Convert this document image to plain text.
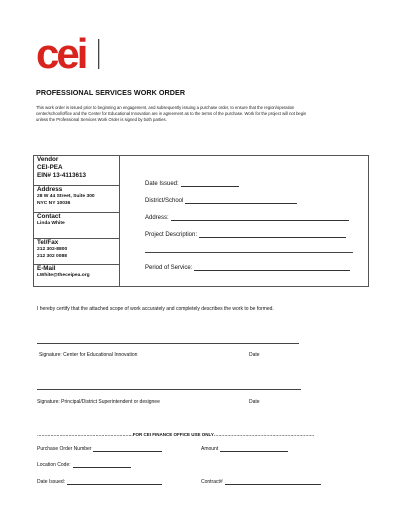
cei
PROFESSIONAL SERVICES WORK ORDER
This work order is issued prior to beginning an engagement, and subsequently issuing a purchase order, to ensure that the region/operation
center/school/office and the Center for Educational Innovation are in agreement as to the terms of the purchase. Work for the project will not begin
unless the Professional Services Work Order is signed by both parties.
Vendor
CEI-PEA
EIN# 13-4113613
Address
28 W 44 Street, Suite 300
NYC NY 10036
Contact
Linda White
Tel/Fax
212 302-8800
212 302 0088
E-Mail
LWhite@theceipea.org
Date Issued:
District/School
Address:
Project Description:
Period of Service:
I hereby certify that the attached scope of work accurately and completely describes the work to be formed.
Signature: Center for Educational Innovation	Date
Signature: Principal/District Superintendent or designee	Date
……………………………………………………….FOR CEI FINANCE OFFICE USE ONLY………………………………………………………….
Purchase Order Number	Amount
Location Code:
Date Issued:	Contract#
